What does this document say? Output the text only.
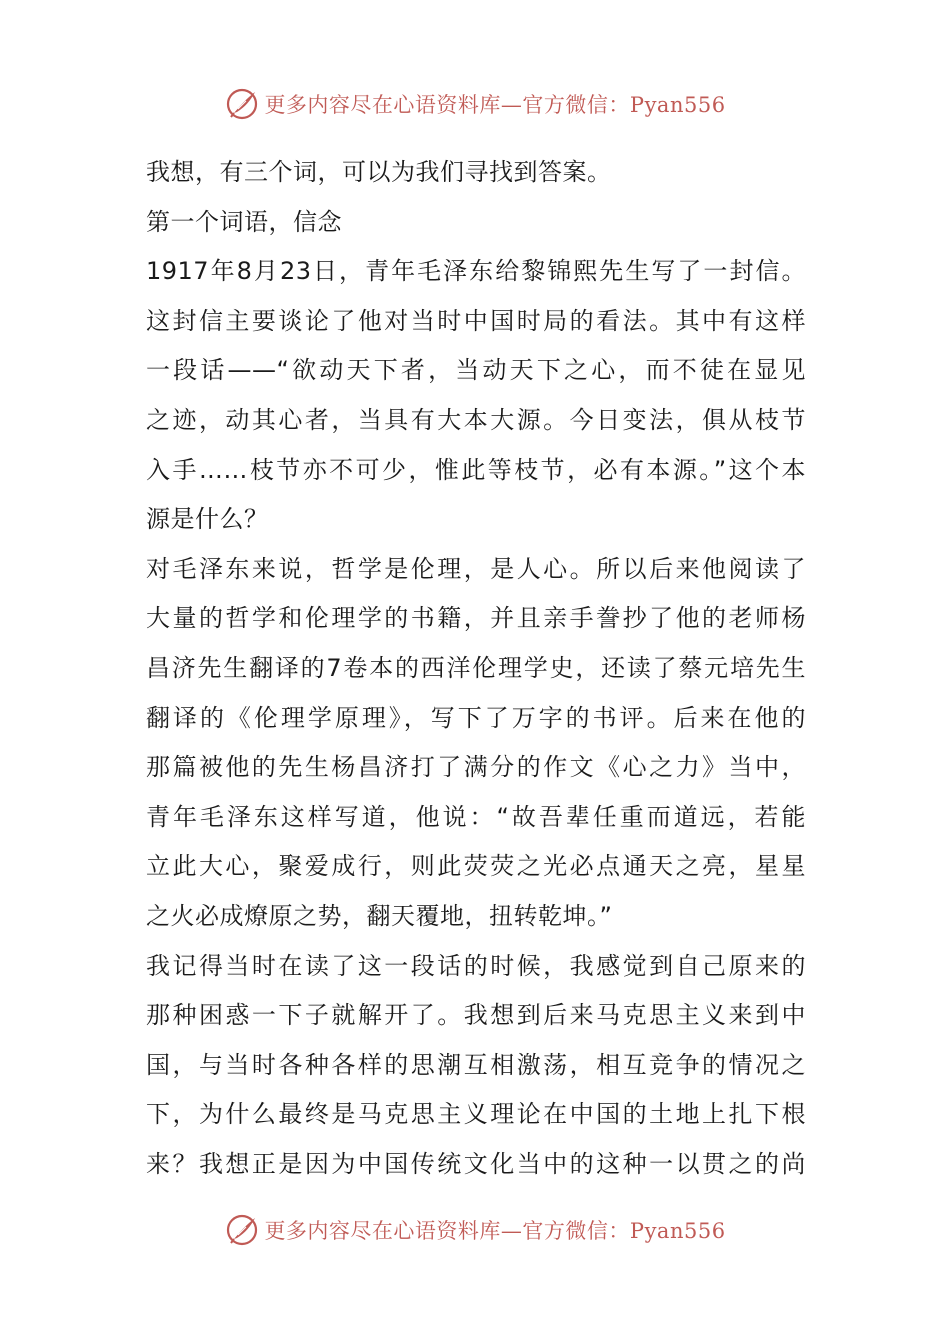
更多内容尽在心语资料库—官方微信：Pyan556
我想，有三个词，可以为我们寻找到答案。
第一个词语，信念
1917年8月23日，青年毛泽东给黎锦熙先生写了一封信。
这封信主要谈论了他对当时中国时局的看法。其中有这样
一段话——“欲动天下者，当动天下之心，而不徒在显见
之迹，动其心者，当具有大本大源。今日变法，俱从枝节
入手……枝节亦不可少，惟此等枝节，必有本源。”这个本
源是什么？
对毛泽东来说，哲学是伦理，是人心。所以后来他阅读了
大量的哲学和伦理学的书籍，并且亲手誊抄了他的老师杨
昌济先生翻译的7卷本的西洋伦理学史，还读了蔡元培先生
翻译的《伦理学原理》，写下了万字的书评。后来在他的
那篇被他的先生杨昌济打了满分的作文《心之力》当中，
青年毛泽东这样写道，他说：“故吾辈任重而道远，若能
立此大心，聚爱成行，则此荧荧之光必点通天之亮，星星
之火必成燎原之势，翻天覆地，扭转乾坤。”
我记得当时在读了这一段话的时候，我感觉到自己原来的
那种困惑一下子就解开了。我想到后来马克思主义来到中
国，与当时各种各样的思潮互相激荡，相互竞争的情况之
下，为什么最终是马克思主义理论在中国的土地上扎下根
来？我想正是因为中国传统文化当中的这种一以贯之的尚
更多内容尽在心语资料库—官方微信：Pyan556
